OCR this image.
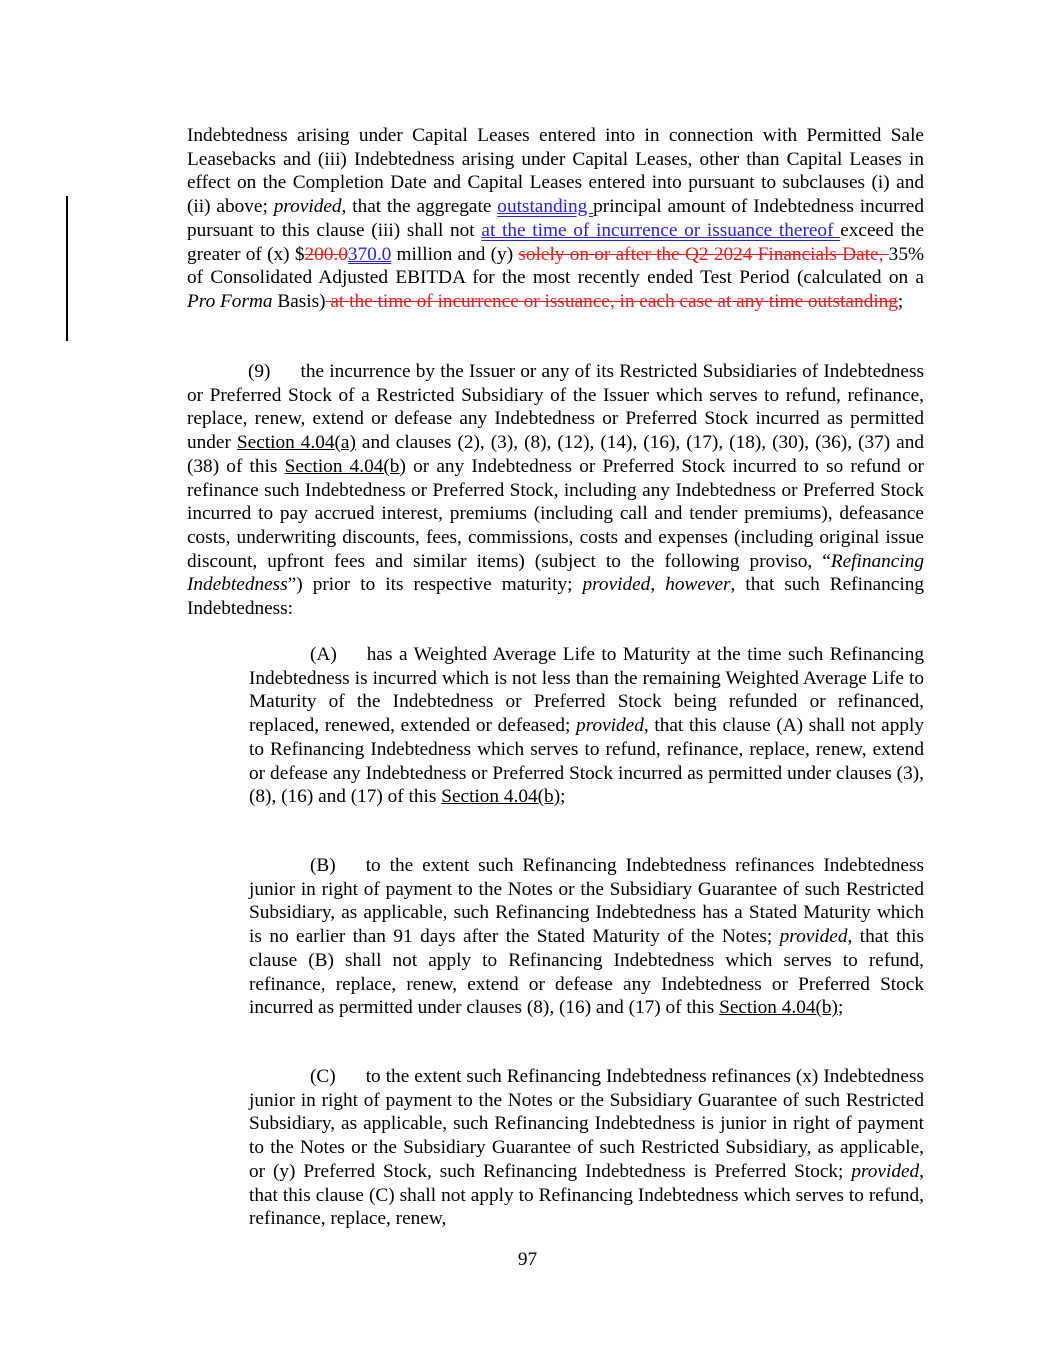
Indebtedness arising under Capital Leases entered into in connection with Permitted Sale Leasebacks and (iii) Indebtedness arising under Capital Leases, other than Capital Leases in effect on the Completion Date and Capital Leases entered into pursuant to subclauses (i) and (ii) above; provided, that the aggregate outstanding principal amount of Indebtedness incurred pursuant to this clause (iii) shall not at the time of incurrence or issuance thereof exceed the greater of (x) $200.0370.0 million and (y) solely on or after the Q2 2024 Financials Date, 35% of Consolidated Adjusted EBITDA for the most recently ended Test Period (calculated on a Pro Forma Basis) at the time of incurrence or issuance, in each case at any time outstanding;
(9) the incurrence by the Issuer or any of its Restricted Subsidiaries of Indebtedness or Preferred Stock of a Restricted Subsidiary of the Issuer which serves to refund, refinance, replace, renew, extend or defease any Indebtedness or Preferred Stock incurred as permitted under Section 4.04(a) and clauses (2), (3), (8), (12), (14), (16), (17), (18), (30), (36), (37) and (38) of this Section 4.04(b) or any Indebtedness or Preferred Stock incurred to so refund or refinance such Indebtedness or Preferred Stock, including any Indebtedness or Preferred Stock incurred to pay accrued interest, premiums (including call and tender premiums), defeasance costs, underwriting discounts, fees, commissions, costs and expenses (including original issue discount, upfront fees and similar items) (subject to the following proviso, “Refinancing Indebtedness”) prior to its respective maturity; provided, however, that such Refinancing Indebtedness:
(A) has a Weighted Average Life to Maturity at the time such Refinancing Indebtedness is incurred which is not less than the remaining Weighted Average Life to Maturity of the Indebtedness or Preferred Stock being refunded or refinanced, replaced, renewed, extended or defeased; provided, that this clause (A) shall not apply to Refinancing Indebtedness which serves to refund, refinance, replace, renew, extend or defease any Indebtedness or Preferred Stock incurred as permitted under clauses (3), (8), (16) and (17) of this Section 4.04(b);
(B) to the extent such Refinancing Indebtedness refinances Indebtedness junior in right of payment to the Notes or the Subsidiary Guarantee of such Restricted Subsidiary, as applicable, such Refinancing Indebtedness has a Stated Maturity which is no earlier than 91 days after the Stated Maturity of the Notes; provided, that this clause (B) shall not apply to Refinancing Indebtedness which serves to refund, refinance, replace, renew, extend or defease any Indebtedness or Preferred Stock incurred as permitted under clauses (8), (16) and (17) of this Section 4.04(b);
(C) to the extent such Refinancing Indebtedness refinances (x) Indebtedness junior in right of payment to the Notes or the Subsidiary Guarantee of such Restricted Subsidiary, as applicable, such Refinancing Indebtedness is junior in right of payment to the Notes or the Subsidiary Guarantee of such Restricted Subsidiary, as applicable, or (y) Preferred Stock, such Refinancing Indebtedness is Preferred Stock; provided, that this clause (C) shall not apply to Refinancing Indebtedness which serves to refund, refinance, replace, renew,
97
